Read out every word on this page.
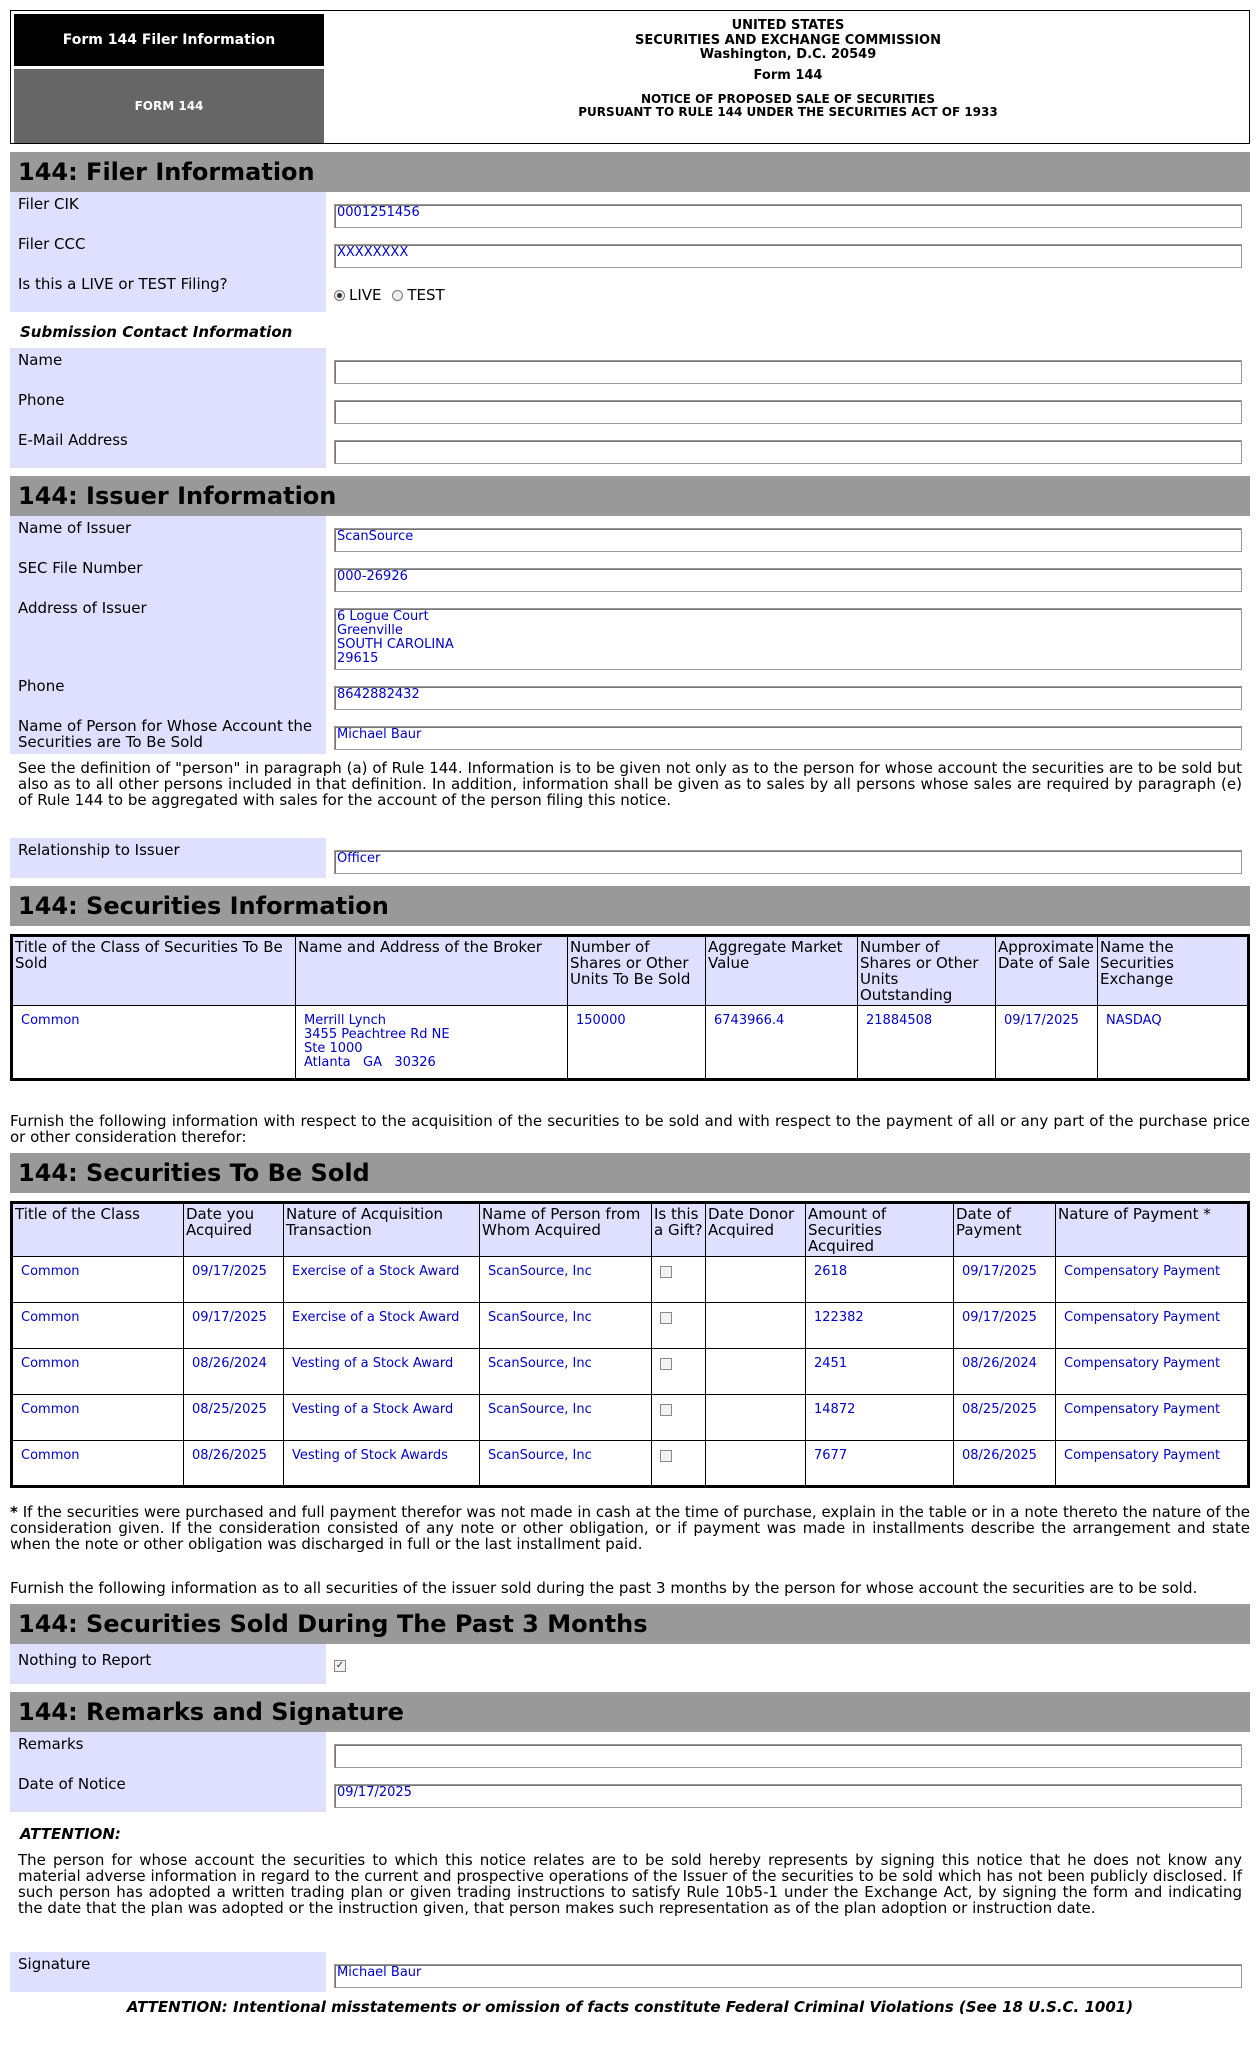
Form 144 Filer Information
FORM 144
UNITED STATES
SECURITIES AND EXCHANGE COMMISSION
Washington, D.C. 20549
Form 144
NOTICE OF PROPOSED SALE OF SECURITIES
PURSUANT TO RULE 144 UNDER THE SECURITIES ACT OF 1933
144: Filer Information
Filer CIK	0001251456
Filer CCC	XXXXXXXX
Is this a LIVE or TEST Filing?
LIVE TEST
Submission Contact Information
Name
Phone
E-Mail Address
144: Issuer Information
Name of Issuer	ScanSource
SEC File Number	000-26926
Address of Issuer	6 Logue Court
Greenville
SOUTH CAROLINA
29615
Phone	8642882432
Name of Person for Whose Account the Securities are To Be Sold	Michael Baur
See the definition of "person" in paragraph (a) of Rule 144. Information is to be given not only as to the person for whose account the securities are to be sold but also as to all other persons included in that definition. In addition, information shall be given as to sales by all persons whose sales are required by paragraph (e) of Rule 144 to be aggregated with sales for the account of the person filing this notice.
Relationship to Issuer	Officer
144: Securities Information
Title of the Class of Securities To Be Sold	Name and Address of the Broker	Number of Shares or Other Units To Be Sold	Aggregate Market Value	Number of Shares or Other Units Outstanding	Approximate Date of Sale	Name the Securities Exchange
Common	Merrill Lynch
3455 Peachtree Rd NE
Ste 1000
Atlanta   GA   30326	150000	6743966.4	21884508	09/17/2025	NASDAQ
Furnish the following information with respect to the acquisition of the securities to be sold and with respect to the payment of all or any part of the purchase price or other consideration therefor:
144: Securities To Be Sold
Title of the Class	Date you Acquired	Nature of Acquisition Transaction	Name of Person from Whom Acquired	Is this a Gift?	Date Donor Acquired	Amount of Securities Acquired	Date of Payment	Nature of Payment *
Common	09/17/2025	Exercise of a Stock Award	ScanSource, Inc			2618	09/17/2025	Compensatory Payment
Common	09/17/2025	Exercise of a Stock Award	ScanSource, Inc			122382	09/17/2025	Compensatory Payment
Common	08/26/2024	Vesting of a Stock Award	ScanSource, Inc			2451	08/26/2024	Compensatory Payment
Common	08/25/2025	Vesting of a Stock Award	ScanSource, Inc			14872	08/25/2025	Compensatory Payment
Common	08/26/2025	Vesting of Stock Awards	ScanSource, Inc			7677	08/26/2025	Compensatory Payment
* If the securities were purchased and full payment therefor was not made in cash at the time of purchase, explain in the table or in a note thereto the nature of the consideration given. If the consideration consisted of any note or other obligation, or if payment was made in installments describe the arrangement and state when the note or other obligation was discharged in full or the last installment paid.
Furnish the following information as to all securities of the issuer sold during the past 3 months by the person for whose account the securities are to be sold.
144: Securities Sold During The Past 3 Months
Nothing to Report	✓
144: Remarks and Signature
Remarks
Date of Notice	09/17/2025
ATTENTION:
The person for whose account the securities to which this notice relates are to be sold hereby represents by signing this notice that he does not know any material adverse information in regard to the current and prospective operations of the Issuer of the securities to be sold which has not been publicly disclosed. If such person has adopted a written trading plan or given trading instructions to satisfy Rule 10b5-1 under the Exchange Act, by signing the form and indicating the date that the plan was adopted or the instruction given, that person makes such representation as of the plan adoption or instruction date.
Signature	Michael Baur
ATTENTION: Intentional misstatements or omission of facts constitute Federal Criminal Violations (See 18 U.S.C. 1001)
